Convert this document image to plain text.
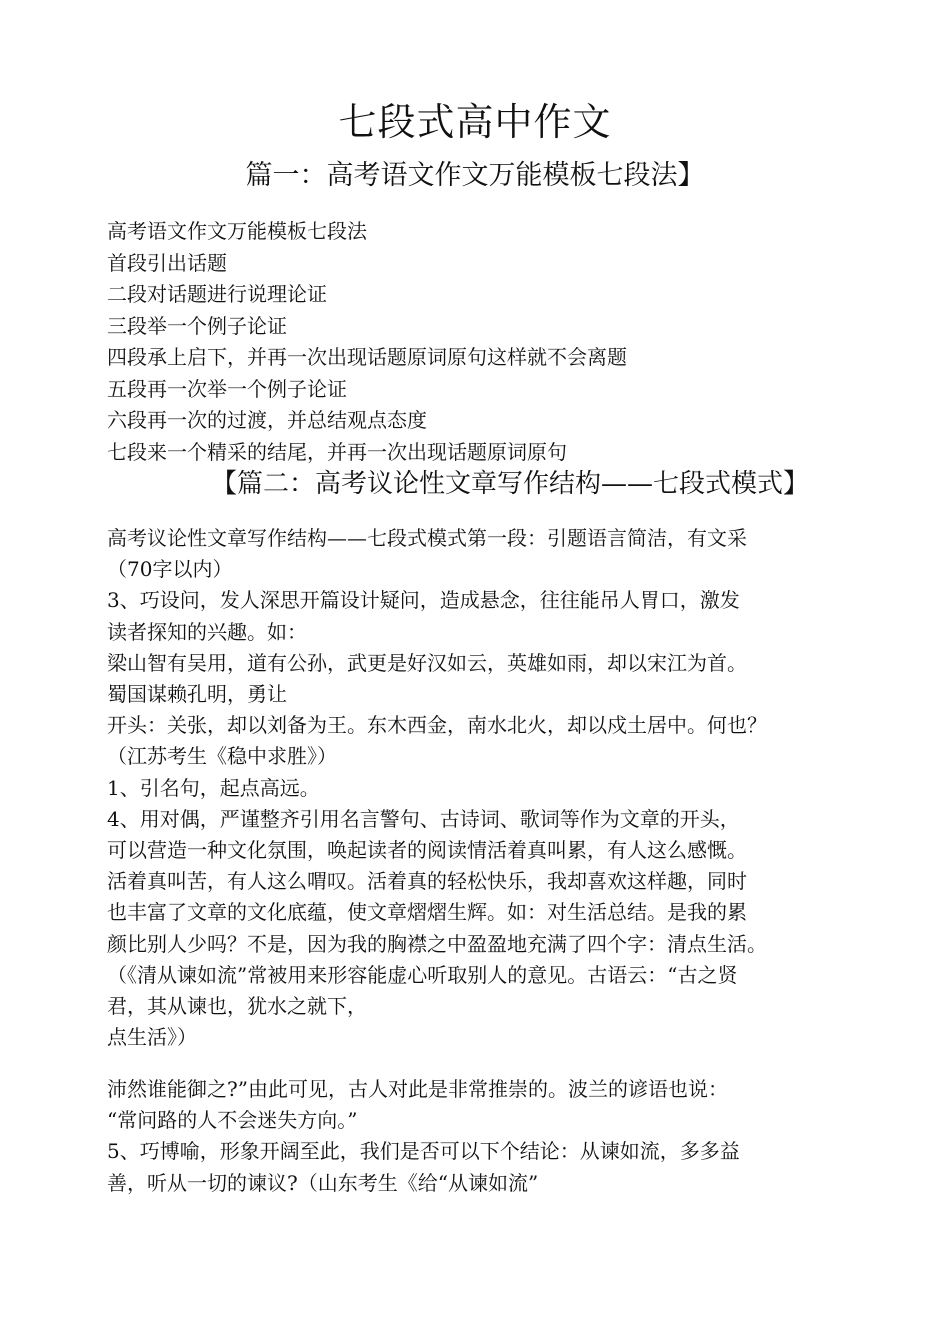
七段式高中作文
篇一：高考语文作文万能模板七段法】
高考语文作文万能模板七段法
首段引出话题
二段对话题进行说理论证
三段举一个例子论证
四段承上启下，并再一次出现话题原词原句这样就不会离题
五段再一次举一个例子论证
六段再一次的过渡，并总结观点态度
七段来一个精采的结尾，并再一次出现话题原词原句
【篇二：高考议论性文章写作结构——七段式模式】
高考议论性文章写作结构——七段式模式第一段：引题语言简洁，有文采
（70字以内）
3、巧设问，发人深思开篇设计疑问，造成悬念，往往能吊人胃口，激发
读者探知的兴趣。如：
梁山智有吴用，道有公孙，武更是好汉如云，英雄如雨，却以宋江为首。
蜀国谋赖孔明，勇让
开头：关张，却以刘备为王。东木西金，南水北火，却以戍土居中。何也？
（江苏考生《稳中求胜》）
1、引名句，起点高远。
4、用对偶，严谨整齐引用名言警句、古诗词、歌词等作为文章的开头，
可以营造一种文化氛围，唤起读者的阅读情活着真叫累，有人这么感慨。
活着真叫苦，有人这么喟叹。活着真的轻松快乐，我却喜欢这样趣，同时
也丰富了文章的文化底蕴，使文章熠熠生辉。如：对生活总结。是我的累
颜比别人少吗？不是，因为我的胸襟之中盈盈地充满了四个字：清点生活。
（《清从谏如流”常被用来形容能虚心听取别人的意见。古语云：“古之贤
君，其从谏也，犹水之就下，
点生活》）
沛然谁能御之?”由此可见，古人对此是非常推崇的。波兰的谚语也说：
“常问路的人不会迷失方向。”
5、巧博喻，形象开阔至此，我们是否可以下个结论：从谏如流，多多益
善，听从一切的谏议?（山东考生《给“从谏如流”
